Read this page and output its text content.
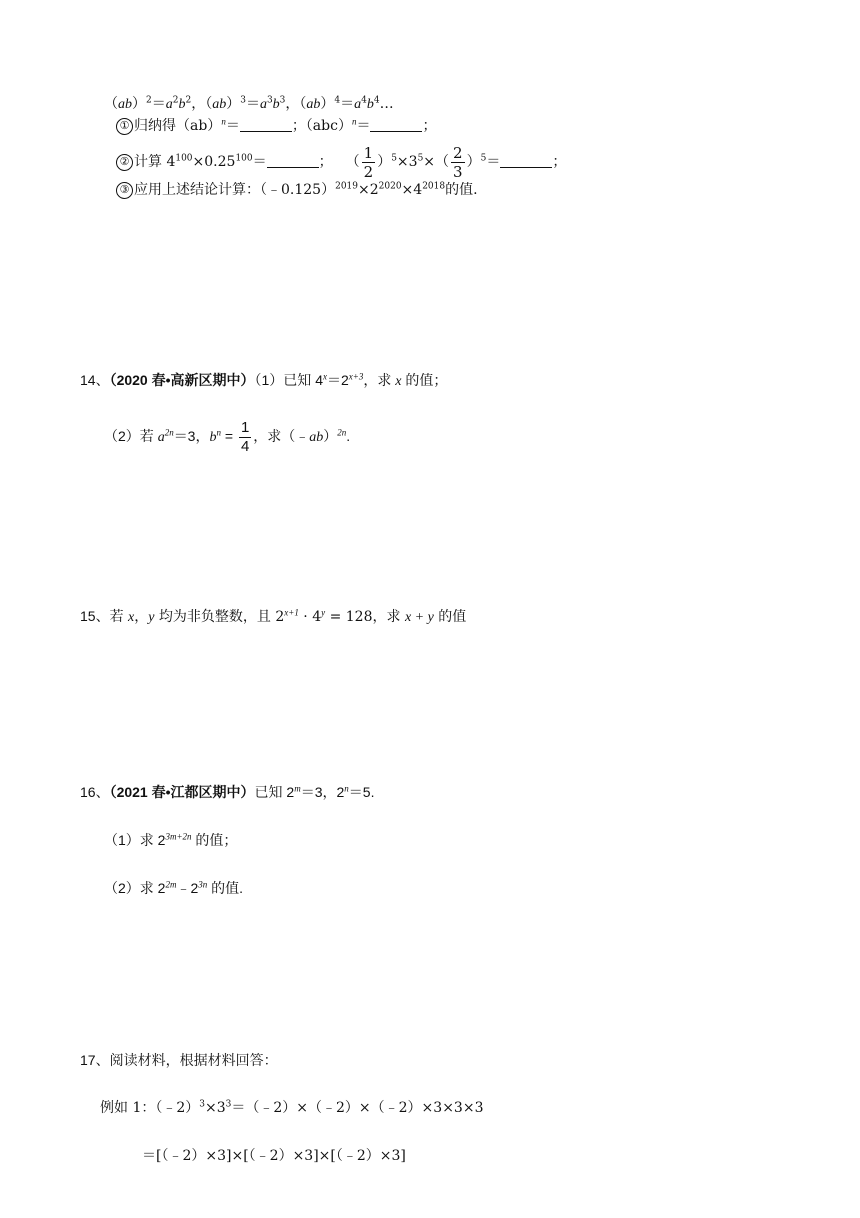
$(ab)^2=a^2b^2$，$(ab)^3=a^3b^3$，$(ab)^4=a^4b^4\dots$
① 归纳得（ab）$^n$＝	；（abc）$^n$＝	；
② 计算 $4^{100}\times 0.25^{100}=$	； （ $\frac{1}{2} )^5\times 3^5\times( \frac{2}{3} )^5=$	；
③ 应用上述结论计算：$(﹣0.125)^{2019}\times 2^{2020}\times 4^{2018}$的值.
14、（2020 春•高新区期中）（1）已知 $4^x=2^{x+3}$，求 x 的值；
（2）若 $a^{2n}=3$，$b^n = \frac{1}{4}$ ，求（﹣ab）$^{2n}$.
15、若 x，y 均为非负整数，且 $2^{x+1} \cdot 4^y = 128$，求 x + y 的值
16、（2021 春•江都区期中）已知 $2^m=3$，$2^n=5$.
（1）求 $2^{3m+2n}$ 的值；
（2）求 $2^{2m}﹣2^{3n}$ 的值.
17、阅读材料，根据材料回答：
例如 1：$(﹣2)^3\times 3^3=(﹣2)\times(﹣2)\times(﹣2)\times 3\times 3\times 3$
＝[（﹣2）×3]×[（﹣2）×3]×[（﹣2）×3]
